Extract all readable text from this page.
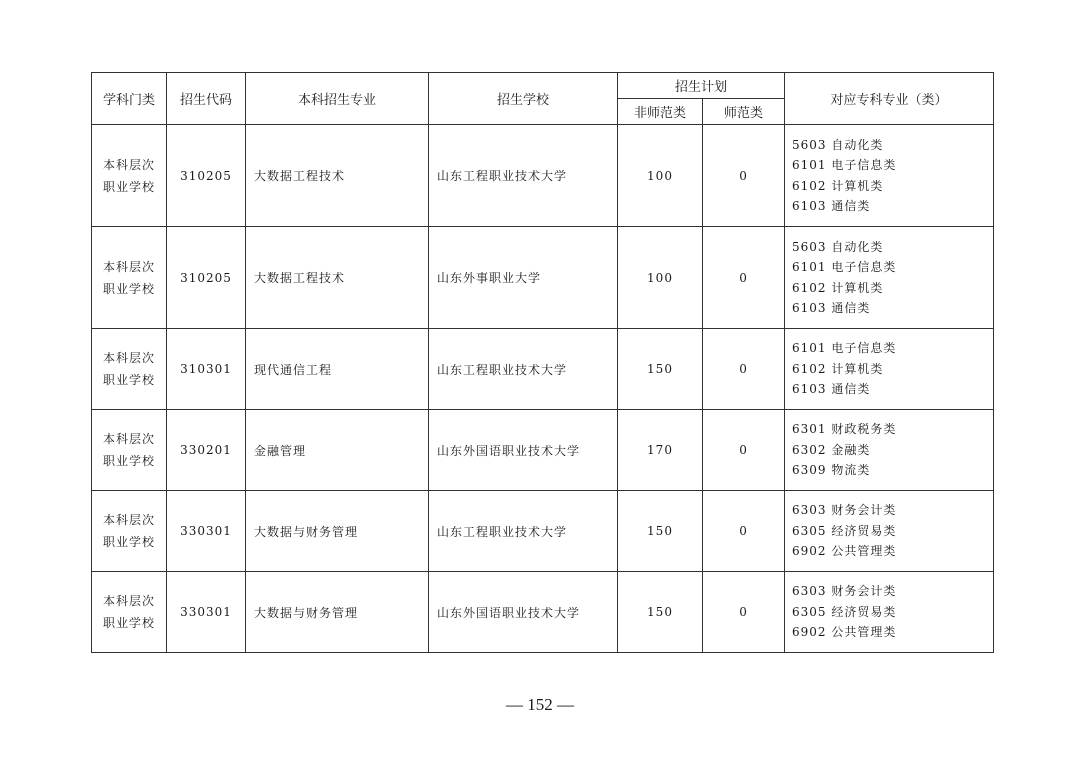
学科门类	招生代码	本科招生专业	招生学校	招生计划		对应专科专业（类）
				非师范类	师范类	
本科层次
职业学校	310205	大数据工程技术	山东工程职业技术大学	100	0	5603 自动化类
6101 电子信息类
6102 计算机类
6103 通信类

本科层次
职业学校	310205	大数据工程技术	山东外事职业大学	100	0	5603 自动化类
6101 电子信息类
6102 计算机类
6103 通信类

本科层次
职业学校	310301	现代通信工程	山东工程职业技术大学	150	0	6101 电子信息类
6102 计算机类
6103 通信类

本科层次
职业学校	330201	金融管理	山东外国语职业技术大学	170	0	6301 财政税务类
6302 金融类
6309 物流类

本科层次
职业学校	330301	大数据与财务管理	山东工程职业技术大学	150	0	6303 财务会计类
6305 经济贸易类
6902 公共管理类

本科层次
职业学校	330301	大数据与财务管理	山东外国语职业技术大学	150	0	6303 财务会计类
6305 经济贸易类
6902 公共管理类
— 152 —
